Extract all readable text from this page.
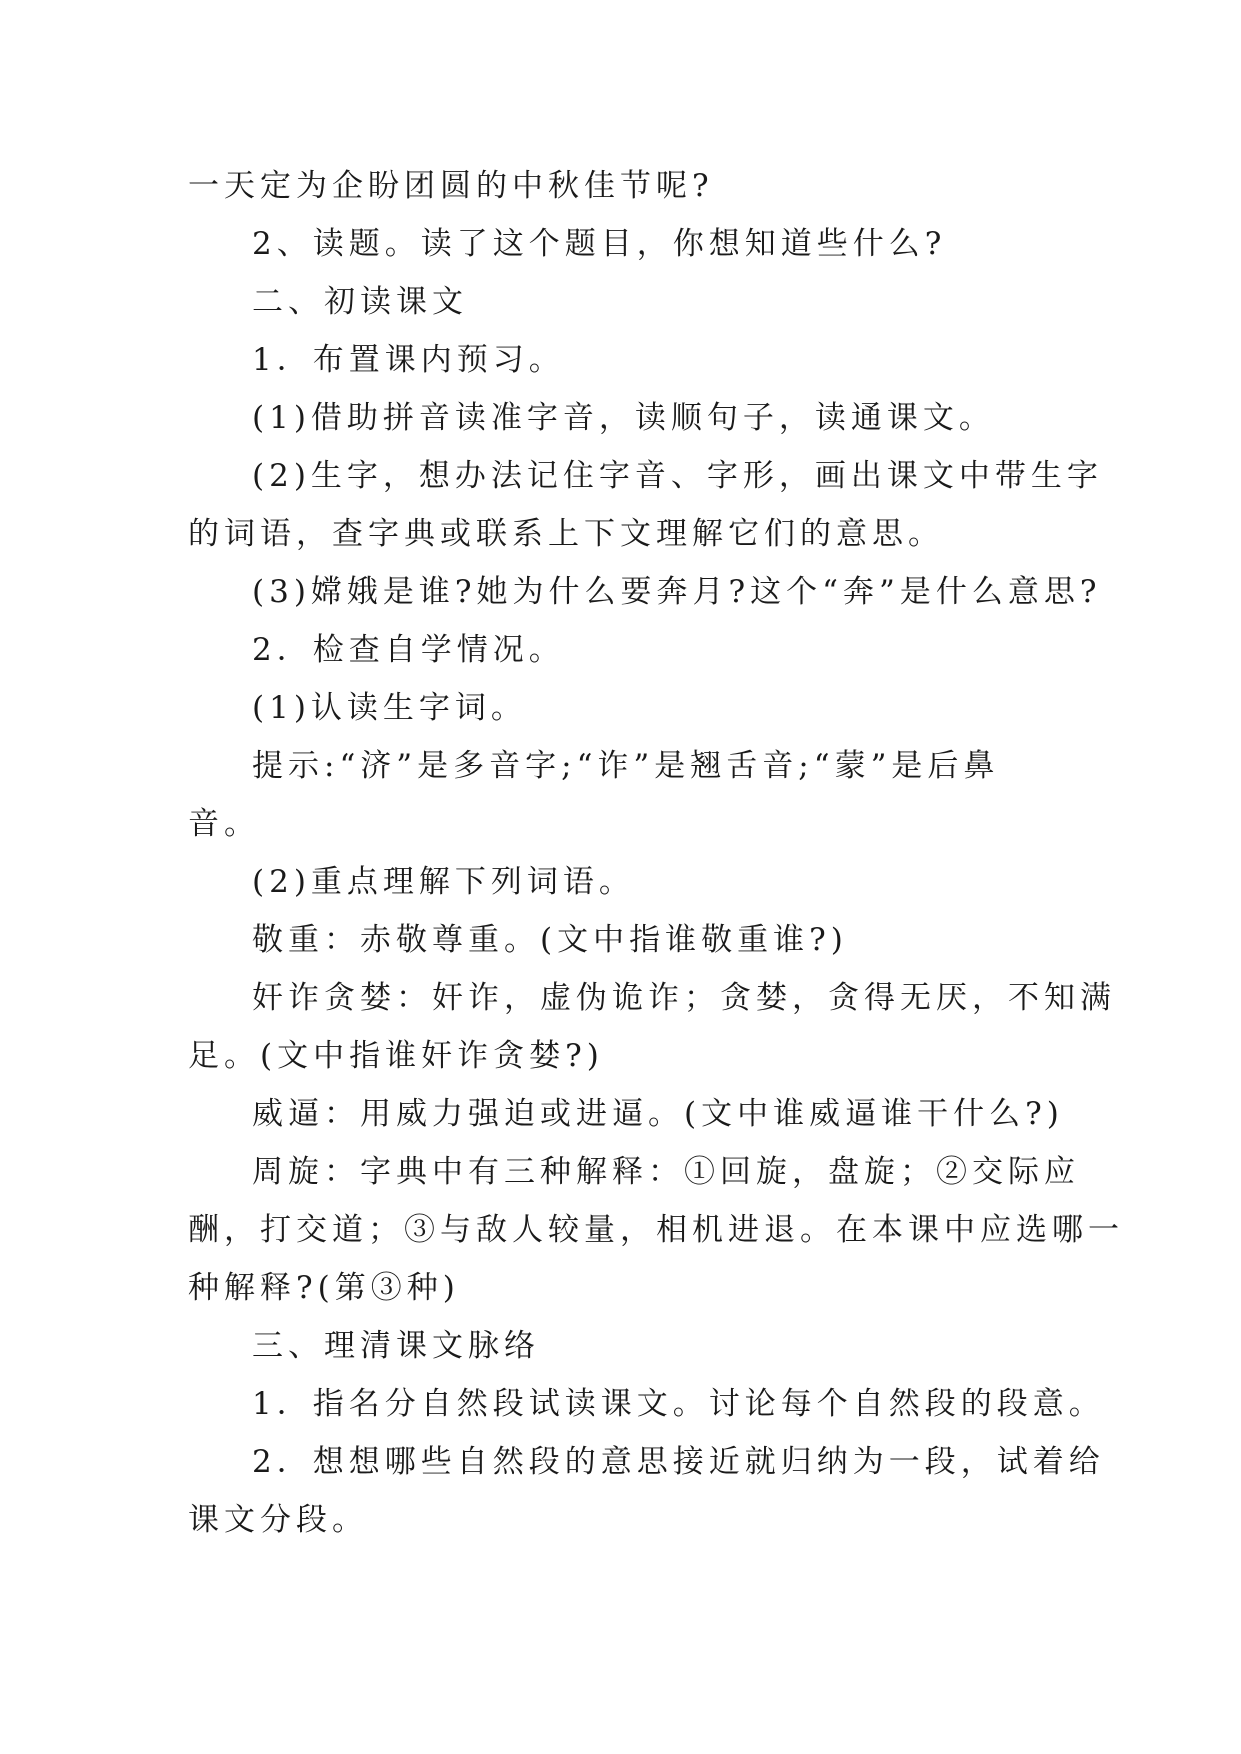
一天定为企盼团圆的中秋佳节呢?
2、读题。读了这个题目，你想知道些什么?
二、初读课文
1．布置课内预习。
(1)借助拼音读准字音，读顺句子，读通课文。
(2)生字，想办法记住字音、字形，画出课文中带生字
的词语，查字典或联系上下文理解它们的意思。
(3)嫦娥是谁?她为什么要奔月?这个“奔”是什么意思?
2．检查自学情况。
(1)认读生字词。
提示:“济”是多音字;“诈”是翘舌音;“蒙”是后鼻
音。
(2)重点理解下列词语。
敬重：赤敬尊重。(文中指谁敬重谁?)
奸诈贪婪：奸诈，虚伪诡诈；贪婪，贪得无厌，不知满
足。(文中指谁奸诈贪婪?)
威逼：用威力强迫或进逼。(文中谁威逼谁干什么?)
周旋：字典中有三种解释：①回旋，盘旋；②交际应
酬，打交道；③与敌人较量，相机进退。在本课中应选哪一
种解释?(第③种)
三、理清课文脉络
1．指名分自然段试读课文。讨论每个自然段的段意。
2．想想哪些自然段的意思接近就归纳为一段，试着给
课文分段。
